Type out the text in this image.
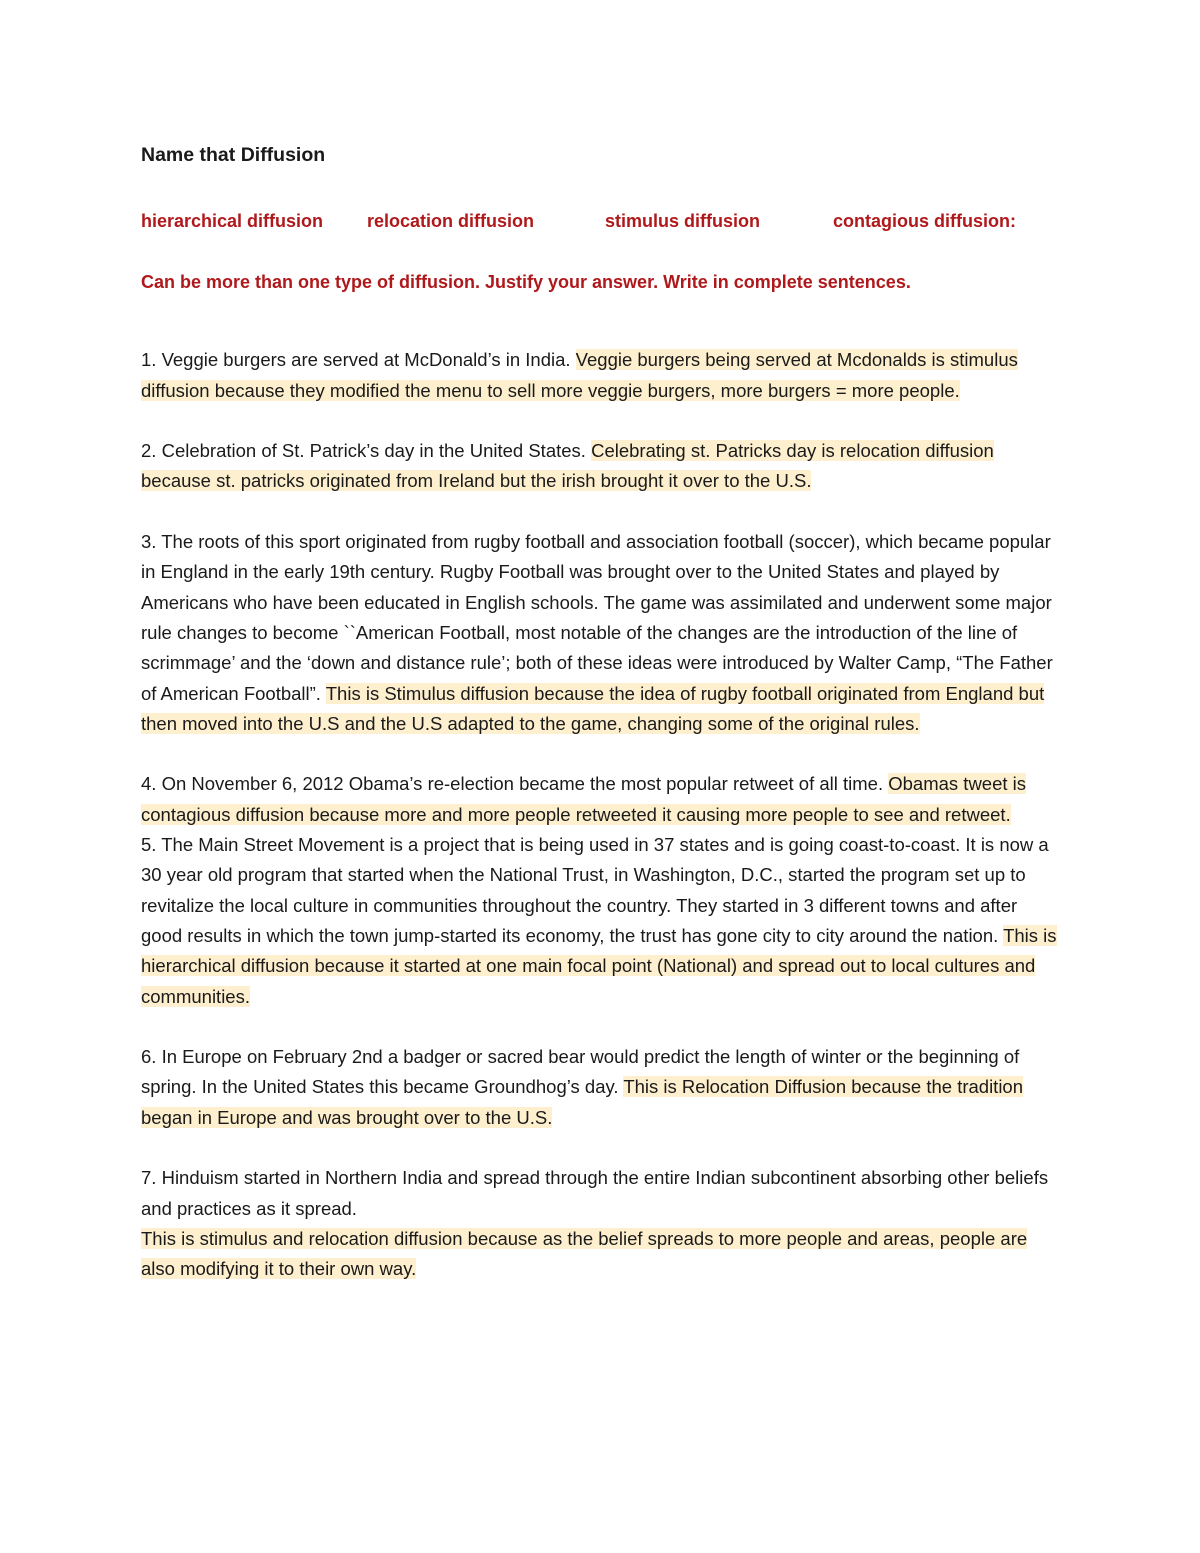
Name that Diffusion

hierarchical diffusion relocation diffusion	stimulus diffusion	contagious diffusion:

Can be more than one type of diffusion. Justify your answer. Write in complete sentences.

1. Veggie burgers are served at McDonald’s in India. Veggie burgers being served at Mcdonalds is stimulus diffusion because they modified the menu to sell more veggie burgers, more burgers = more people.

2. Celebration of St. Patrick’s day in the United States. Celebrating st. Patricks day is relocation diffusion because st. patricks originated from Ireland but the irish brought it over to the U.S.

3. The roots of this sport originated from rugby football and association football (soccer), which became popular in England in the early 19th century. Rugby Football was brought over to the United States and played by Americans who have been educated in English schools. The game was assimilated and underwent some major rule changes to become ``American Football, most notable of the changes are the introduction of the line of scrimmage’ and the ‘down and distance rule’; both of these ideas were introduced by Walter Camp, “The Father of American Football”. This is Stimulus diffusion because the idea of rugby football originated from England but then moved into the U.S and the U.S adapted to the game, changing some of the original rules.

4. On November 6, 2012 Obama’s re-election became the most popular retweet of all time. Obamas tweet is contagious diffusion because more and more people retweeted it causing more people to see and retweet.

5. The Main Street Movement is a project that is being used in 37 states and is going coast-to-coast. It is now a 30 year old program that started when the National Trust, in Washington, D.C., started the program set up to revitalize the local culture in communities throughout the country. They started in 3 different towns and after good results in which the town jump-started its economy, the trust has gone city to city around the nation. This is hierarchical diffusion because it started at one main focal point (National) and spread out to local cultures and communities.

6. In Europe on February 2nd a badger or sacred bear would predict the length of winter or the beginning of spring. In the United States this became Groundhog’s day. This is Relocation Diffusion because the tradition began in Europe and was brought over to the U.S.

7. Hinduism started in Northern India and spread through the entire Indian subcontinent absorbing other beliefs and practices as it spread.
This is stimulus and relocation diffusion because as the belief spreads to more people and areas, people are also modifying it to their own way.
